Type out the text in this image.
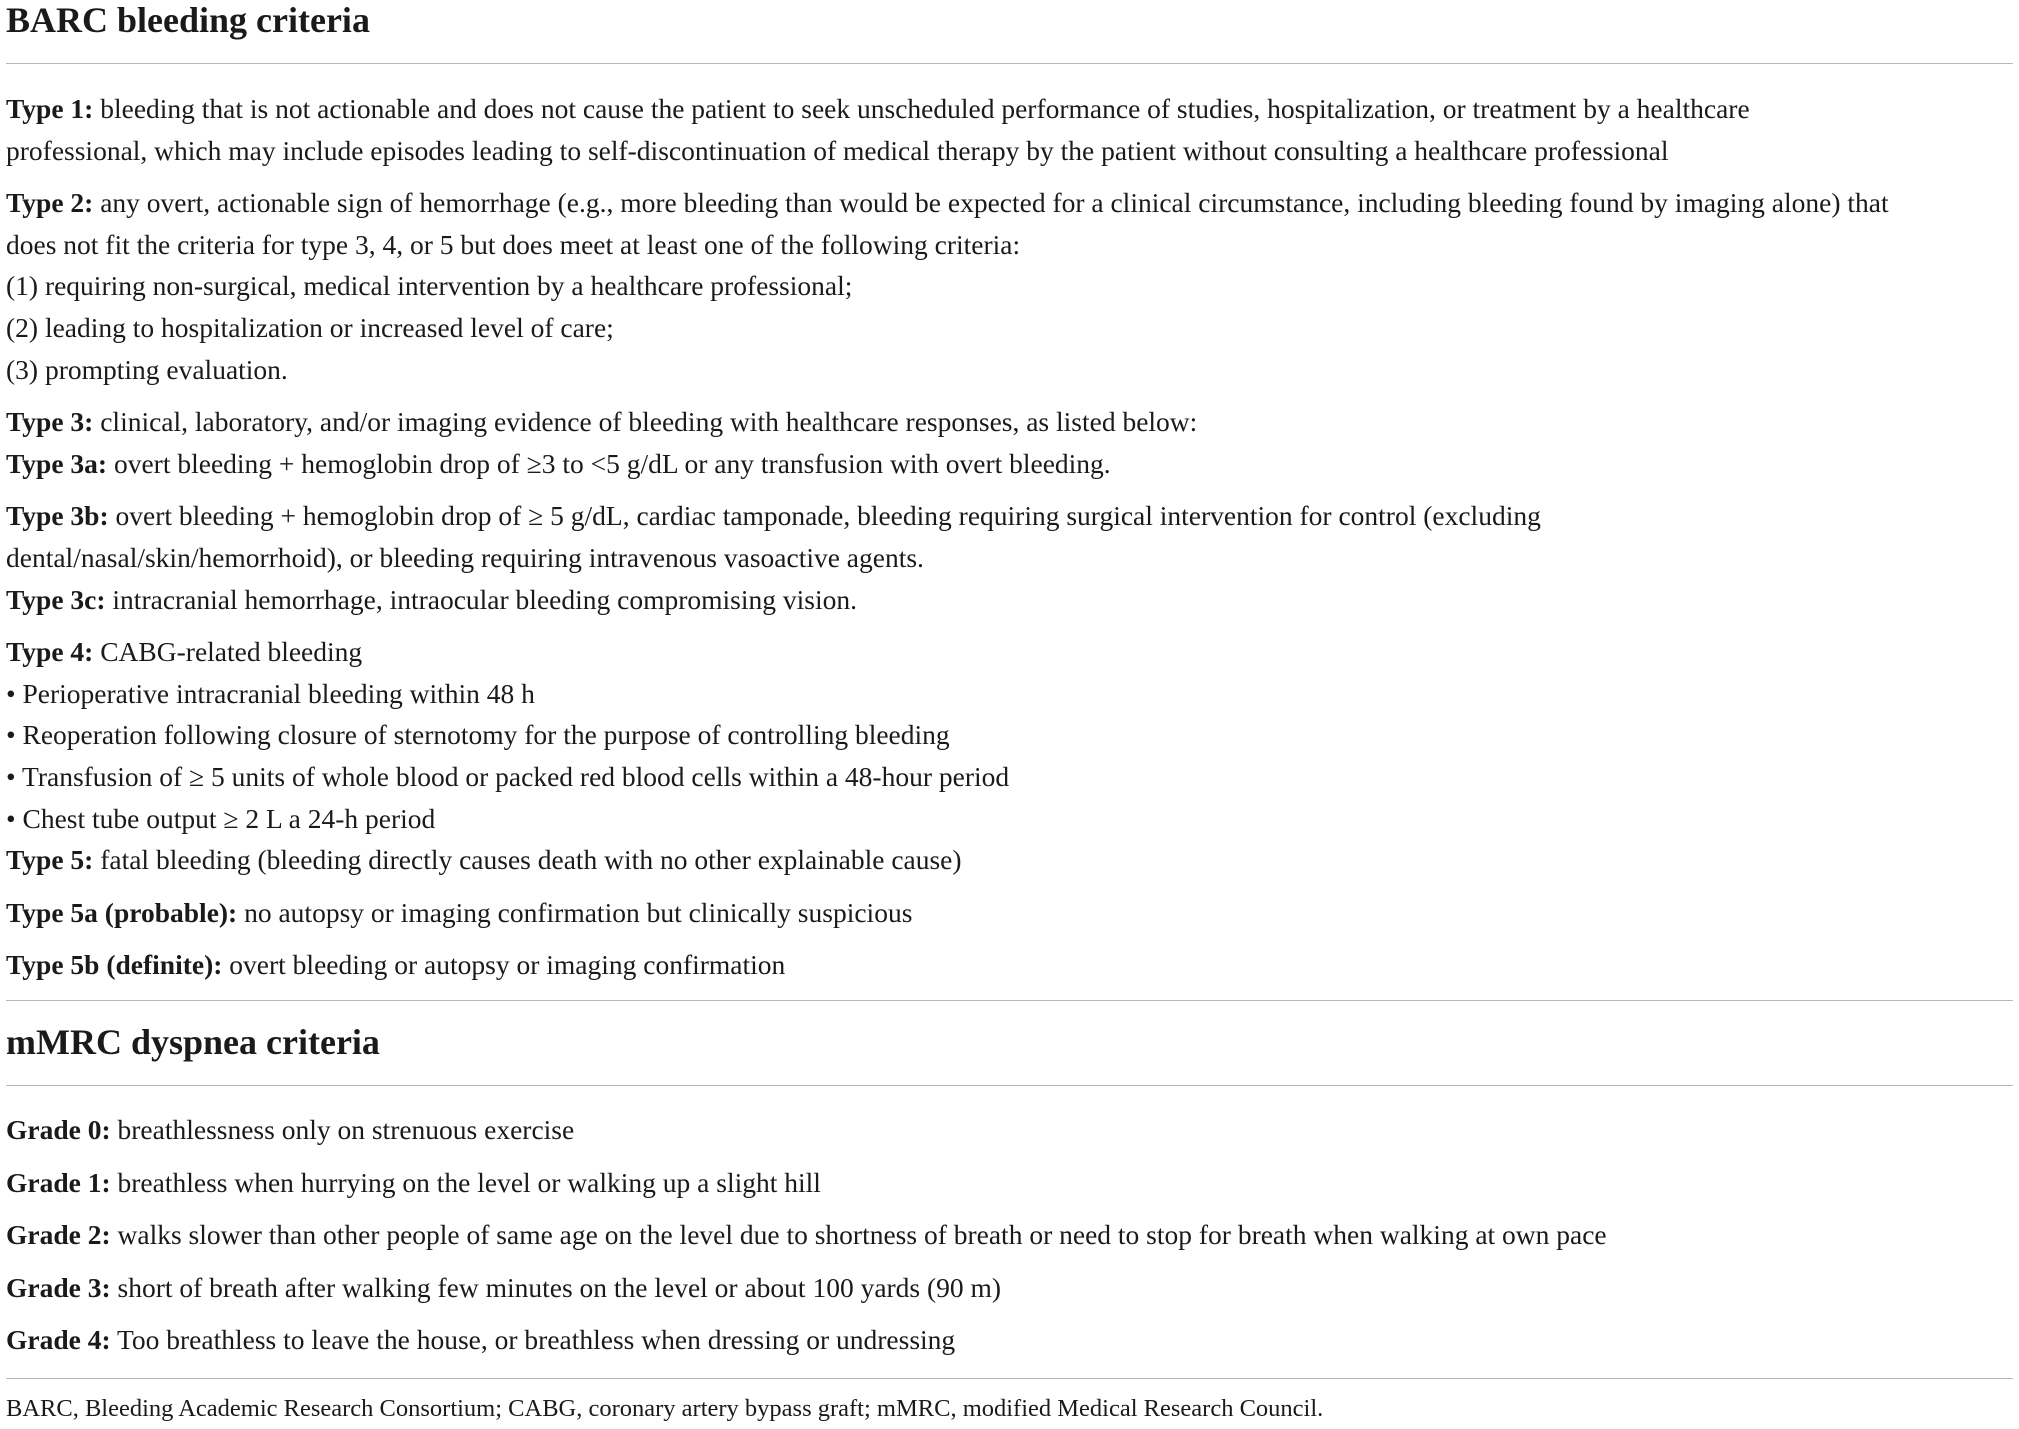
BARC bleeding criteria

Type 1: bleeding that is not actionable and does not cause the patient to seek unscheduled performance of studies, hospitalization, or treatment by a healthcare
professional, which may include episodes leading to self-discontinuation of medical therapy by the patient without consulting a healthcare professional

Type 2: any overt, actionable sign of hemorrhage (e.g., more bleeding than would be expected for a clinical circumstance, including bleeding found by imaging alone) that
does not fit the criteria for type 3, 4, or 5 but does meet at least one of the following criteria:
(1) requiring non-surgical, medical intervention by a healthcare professional;
(2) leading to hospitalization or increased level of care;
(3) prompting evaluation.

Type 3: clinical, laboratory, and/or imaging evidence of bleeding with healthcare responses, as listed below:
Type 3a: overt bleeding + hemoglobin drop of ≥3 to <5 g/dL or any transfusion with overt bleeding.

Type 3b: overt bleeding + hemoglobin drop of ≥ 5 g/dL, cardiac tamponade, bleeding requiring surgical intervention for control (excluding
dental/nasal/skin/hemorrhoid), or bleeding requiring intravenous vasoactive agents.
Type 3c: intracranial hemorrhage, intraocular bleeding compromising vision.

Type 4: CABG-related bleeding
• Perioperative intracranial bleeding within 48 h
• Reoperation following closure of sternotomy for the purpose of controlling bleeding
• Transfusion of ≥ 5 units of whole blood or packed red blood cells within a 48-hour period
• Chest tube output ≥ 2 L a 24-h period
Type 5: fatal bleeding (bleeding directly causes death with no other explainable cause)

Type 5a (probable): no autopsy or imaging confirmation but clinically suspicious

Type 5b (definite): overt bleeding or autopsy or imaging confirmation

mMRC dyspnea criteria

Grade 0: breathlessness only on strenuous exercise

Grade 1: breathless when hurrying on the level or walking up a slight hill

Grade 2: walks slower than other people of same age on the level due to shortness of breath or need to stop for breath when walking at own pace

Grade 3: short of breath after walking few minutes on the level or about 100 yards (90 m)

Grade 4: Too breathless to leave the house, or breathless when dressing or undressing

BARC, Bleeding Academic Research Consortium; CABG, coronary artery bypass graft; mMRC, modified Medical Research Council.
